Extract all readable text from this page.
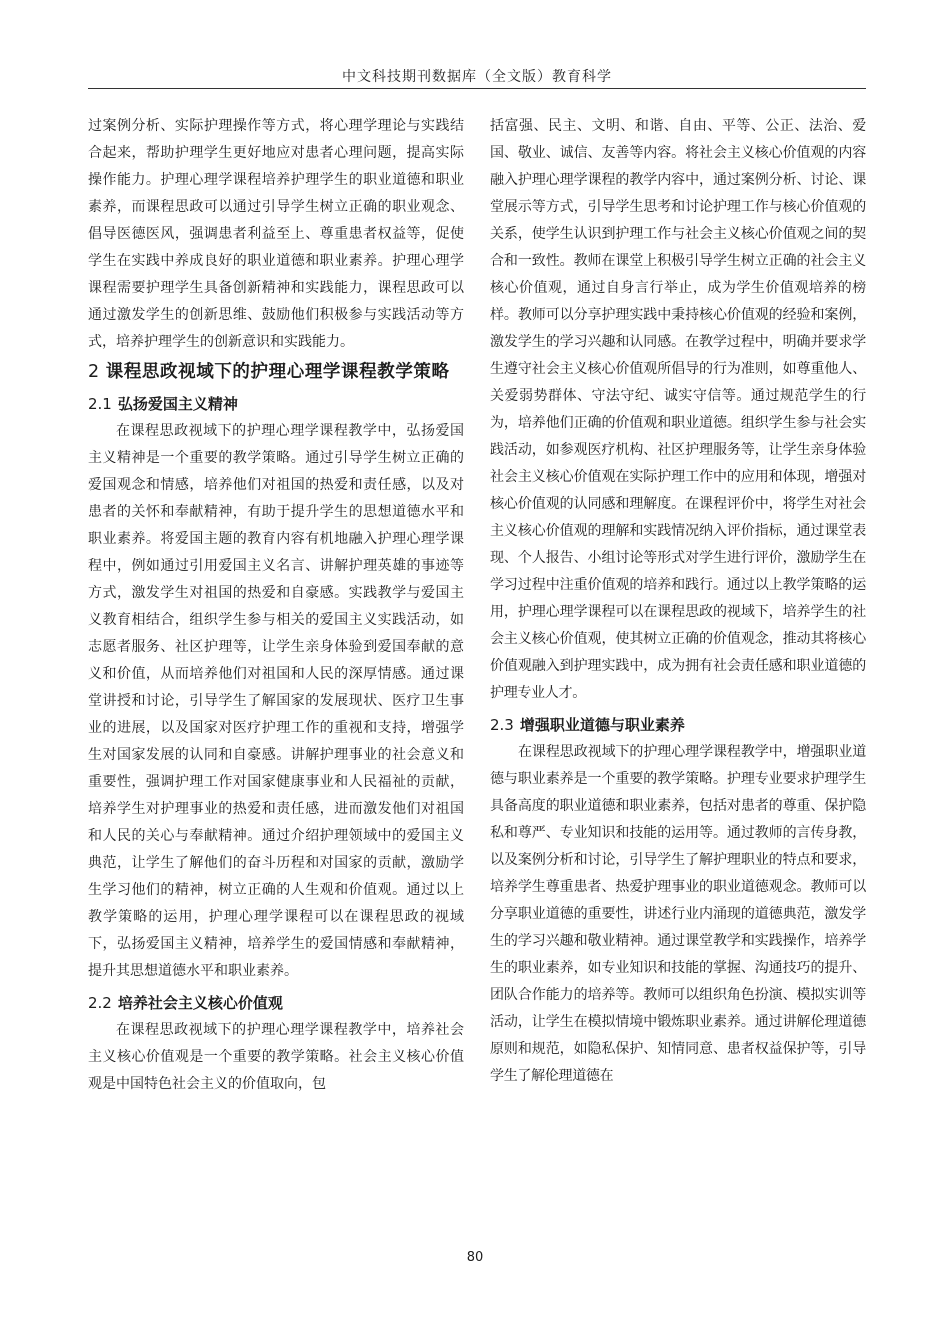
中文科技期刊数据库（全文版）教育科学

过案例分析、实际护理操作等方式，将心理学理论与实践结合起来，帮助护理学生更好地应对患者心理问题，提高实际操作能力。护理心理学课程培养护理学生的职业道德和职业素养，而课程思政可以通过引导学生树立正确的职业观念、倡导医德医风，强调患者利益至上、尊重患者权益等，促使学生在实践中养成良好的职业道德和职业素养。护理心理学课程需要护理学生具备创新精神和实践能力，课程思政可以通过激发学生的创新思维、鼓励他们积极参与实践活动等方式，培养护理学生的创新意识和实践能力。

2 课程思政视域下的护理心理学课程教学策略
2.1 弘扬爱国主义精神

在课程思政视域下的护理心理学课程教学中，弘扬爱国主义精神是一个重要的教学策略。通过引导学生树立正确的爱国观念和情感，培养他们对祖国的热爱和责任感，以及对患者的关怀和奉献精神，有助于提升学生的思想道德水平和职业素养。将爱国主题的教育内容有机地融入护理心理学课程中，例如通过引用爱国主义名言、讲解护理英雄的事迹等方式，激发学生对祖国的热爱和自豪感。实践教学与爱国主义教育相结合，组织学生参与相关的爱国主义实践活动，如志愿者服务、社区护理等，让学生亲身体验到爱国奉献的意义和价值，从而培养他们对祖国和人民的深厚情感。通过课堂讲授和讨论，引导学生了解国家的发展现状、医疗卫生事业的进展，以及国家对医疗护理工作的重视和支持，增强学生对国家发展的认同和自豪感。讲解护理事业的社会意义和重要性，强调护理工作对国家健康事业和人民福祉的贡献，培养学生对护理事业的热爱和责任感，进而激发他们对祖国和人民的关心与奉献精神。通过介绍护理领域中的爱国主义典范，让学生了解他们的奋斗历程和对国家的贡献，激励学生学习他们的精神，树立正确的人生观和价值观。通过以上教学策略的运用，护理心理学课程可以在课程思政的视域下，弘扬爱国主义精神，培养学生的爱国情感和奉献精神，提升其思想道德水平和职业素养。

2.2 培养社会主义核心价值观

在课程思政视域下的护理心理学课程教学中，培养社会主义核心价值观是一个重要的教学策略。社会主义核心价值观是中国特色社会主义的价值取向，包

括富强、民主、文明、和谐、自由、平等、公正、法治、爱国、敬业、诚信、友善等内容。将社会主义核心价值观的内容融入护理心理学课程的教学内容中，通过案例分析、讨论、课堂展示等方式，引导学生思考和讨论护理工作与核心价值观的关系，使学生认识到护理工作与社会主义核心价值观之间的契合和一致性。教师在课堂上积极引导学生树立正确的社会主义核心价值观，通过自身言行举止，成为学生价值观培养的榜样。教师可以分享护理实践中秉持核心价值观的经验和案例，激发学生的学习兴趣和认同感。在教学过程中，明确并要求学生遵守社会主义核心价值观所倡导的行为准则，如尊重他人、关爱弱势群体、守法守纪、诚实守信等。通过规范学生的行为，培养他们正确的价值观和职业道德。组织学生参与社会实践活动，如参观医疗机构、社区护理服务等，让学生亲身体验社会主义核心价值观在实际护理工作中的应用和体现，增强对核心价值观的认同感和理解度。在课程评价中，将学生对社会主义核心价值观的理解和实践情况纳入评价指标，通过课堂表现、个人报告、小组讨论等形式对学生进行评价，激励学生在学习过程中注重价值观的培养和践行。通过以上教学策略的运用，护理心理学课程可以在课程思政的视域下，培养学生的社会主义核心价值观，使其树立正确的价值观念，推动其将核心价值观融入到护理实践中，成为拥有社会责任感和职业道德的护理专业人才。

2.3 增强职业道德与职业素养

在课程思政视域下的护理心理学课程教学中，增强职业道德与职业素养是一个重要的教学策略。护理专业要求护理学生具备高度的职业道德和职业素养，包括对患者的尊重、保护隐私和尊严、专业知识和技能的运用等。通过教师的言传身教，以及案例分析和讨论，引导学生了解护理职业的特点和要求，培养学生尊重患者、热爱护理事业的职业道德观念。教师可以分享职业道德的重要性，讲述行业内涌现的道德典范，激发学生的学习兴趣和敬业精神。通过课堂教学和实践操作，培养学生的职业素养，如专业知识和技能的掌握、沟通技巧的提升、团队合作能力的培养等。教师可以组织角色扮演、模拟实训等活动，让学生在模拟情境中锻炼职业素养。通过讲解伦理道德原则和规范，如隐私保护、知情同意、患者权益保护等，引导学生了解伦理道德在

80
